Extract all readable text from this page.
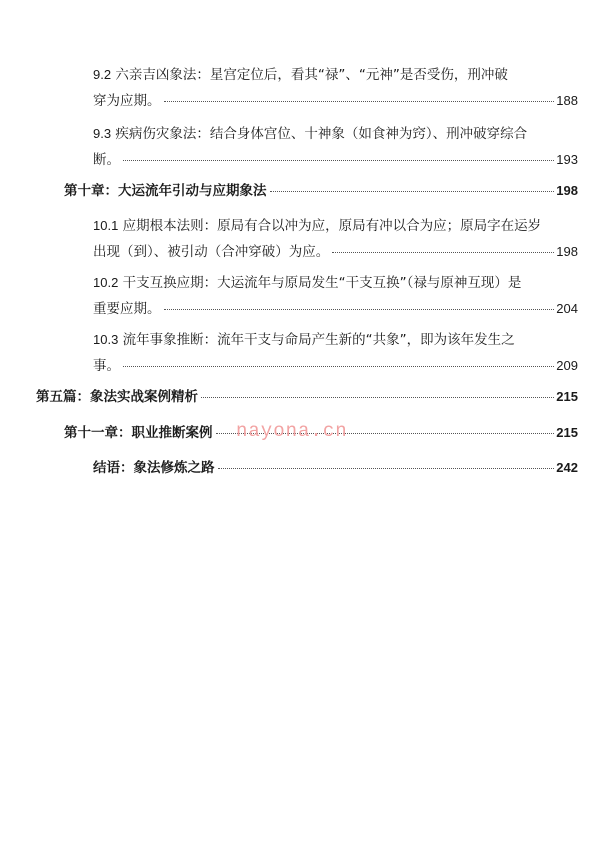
9.2
六亲吉凶象法：星宫定位后，看其“禄”、“元神”是否受伤，刑冲破
穿为应期。	188
9.3
疾病伤灾象法：结合身体宫位、十神象（如食神为窍）、刑冲破穿综合
断。	193
第十章：大运流年引动与应期象法	198
10.1
应期根本法则：原局有合以冲为应，原局有冲以合为应；原局字在运岁
出现（到）、被引动（合冲穿破）为应。	198
10.2
干支互换应期：大运流年与原局发生“干支互换”（禄与原神互现）是
重要应期。	204
10.3
流年事象推断：流年干支与命局产生新的“共象”，即为该年发生之
事。	209
第五篇：象法实战案例精析	215
第十一章：职业推断案例	215
结语：象法修炼之路	242
nayona.cn
